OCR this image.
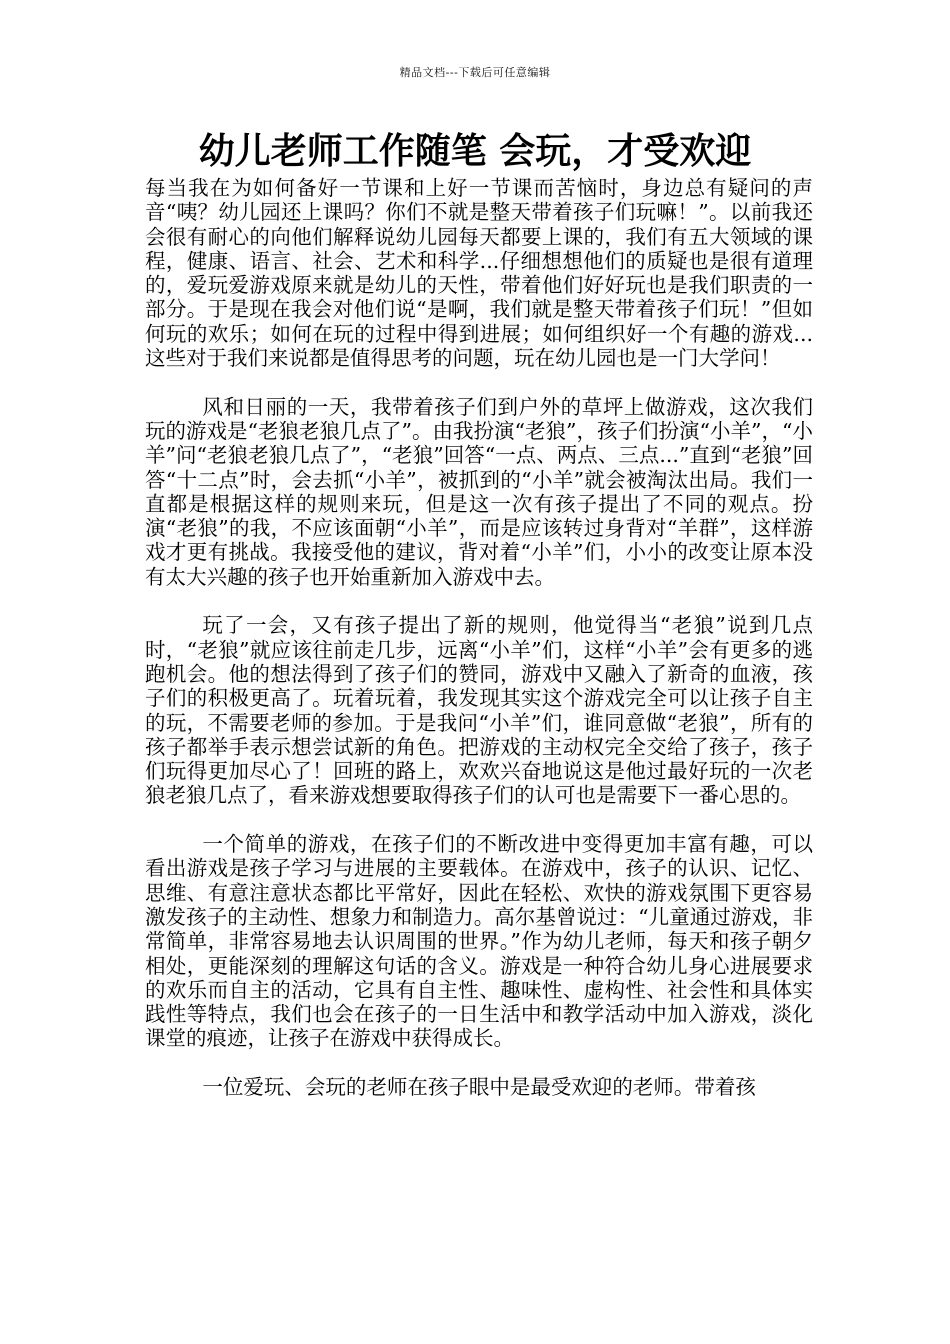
精品文档---下载后可任意编辑
幼儿老师工作随笔 会玩，才受欢迎

每当我在为如何备好一节课和上好一节课而苦恼时，身边总有疑问的声音“咦？幼儿园还上课吗？你们不就是整天带着孩子们玩嘛！”。以前我还会很有耐心的向他们解释说幼儿园每天都要上课的，我们有五大领域的课程，健康、语言、社会、艺术和科学...仔细想想他们的质疑也是很有道理的，爱玩爱游戏原来就是幼儿的天性，带着他们好好玩也是我们职责的一部分。于是现在我会对他们说“是啊，我们就是整天带着孩子们玩！”但如何玩的欢乐；如何在玩的过程中得到进展；如何组织好一个有趣的游戏...这些对于我们来说都是值得思考的问题，玩在幼儿园也是一门大学问！

风和日丽的一天，我带着孩子们到户外的草坪上做游戏，这次我们玩的游戏是“老狼老狼几点了”。由我扮演“老狼”，孩子们扮演“小羊”，“小羊”问“老狼老狼几点了”，“老狼”回答“一点、两点、三点...”直到“老狼”回答“十二点”时，会去抓“小羊”，被抓到的“小羊”就会被淘汰出局。我们一直都是根据这样的规则来玩，但是这一次有孩子提出了不同的观点。扮演“老狼”的我，不应该面朝“小羊”，而是应该转过身背对“羊群”，这样游戏才更有挑战。我接受他的建议，背对着“小羊”们，小小的改变让原本没有太大兴趣的孩子也开始重新加入游戏中去。

玩了一会，又有孩子提出了新的规则，他觉得当“老狼”说到几点时，“老狼”就应该往前走几步，远离“小羊”们，这样“小羊”会有更多的逃跑机会。他的想法得到了孩子们的赞同，游戏中又融入了新奇的血液，孩子们的积极更高了。玩着玩着，我发现其实这个游戏完全可以让孩子自主的玩，不需要老师的参加。于是我问“小羊”们，谁同意做“老狼”，所有的孩子都举手表示想尝试新的角色。把游戏的主动权完全交给了孩子，孩子们玩得更加尽心了！回班的路上，欢欢兴奋地说这是他过最好玩的一次老狼老狼几点了，看来游戏想要取得孩子们的认可也是需要下一番心思的。

一个简单的游戏，在孩子们的不断改进中变得更加丰富有趣，可以看出游戏是孩子学习与进展的主要载体。在游戏中，孩子的认识、记忆、思维、有意注意状态都比平常好，因此在轻松、欢快的游戏氛围下更容易激发孩子的主动性、想象力和制造力。高尔基曾说过：“儿童通过游戏，非常简单，非常容易地去认识周围的世界。”作为幼儿老师，每天和孩子朝夕相处，更能深刻的理解这句话的含义。游戏是一种符合幼儿身心进展要求的欢乐而自主的活动，它具有自主性、趣味性、虚构性、社会性和具体实践性等特点，我们也会在孩子的一日生活中和教学活动中加入游戏，淡化课堂的痕迹，让孩子在游戏中获得成长。

一位爱玩、会玩的老师在孩子眼中是最受欢迎的老师。带着孩
